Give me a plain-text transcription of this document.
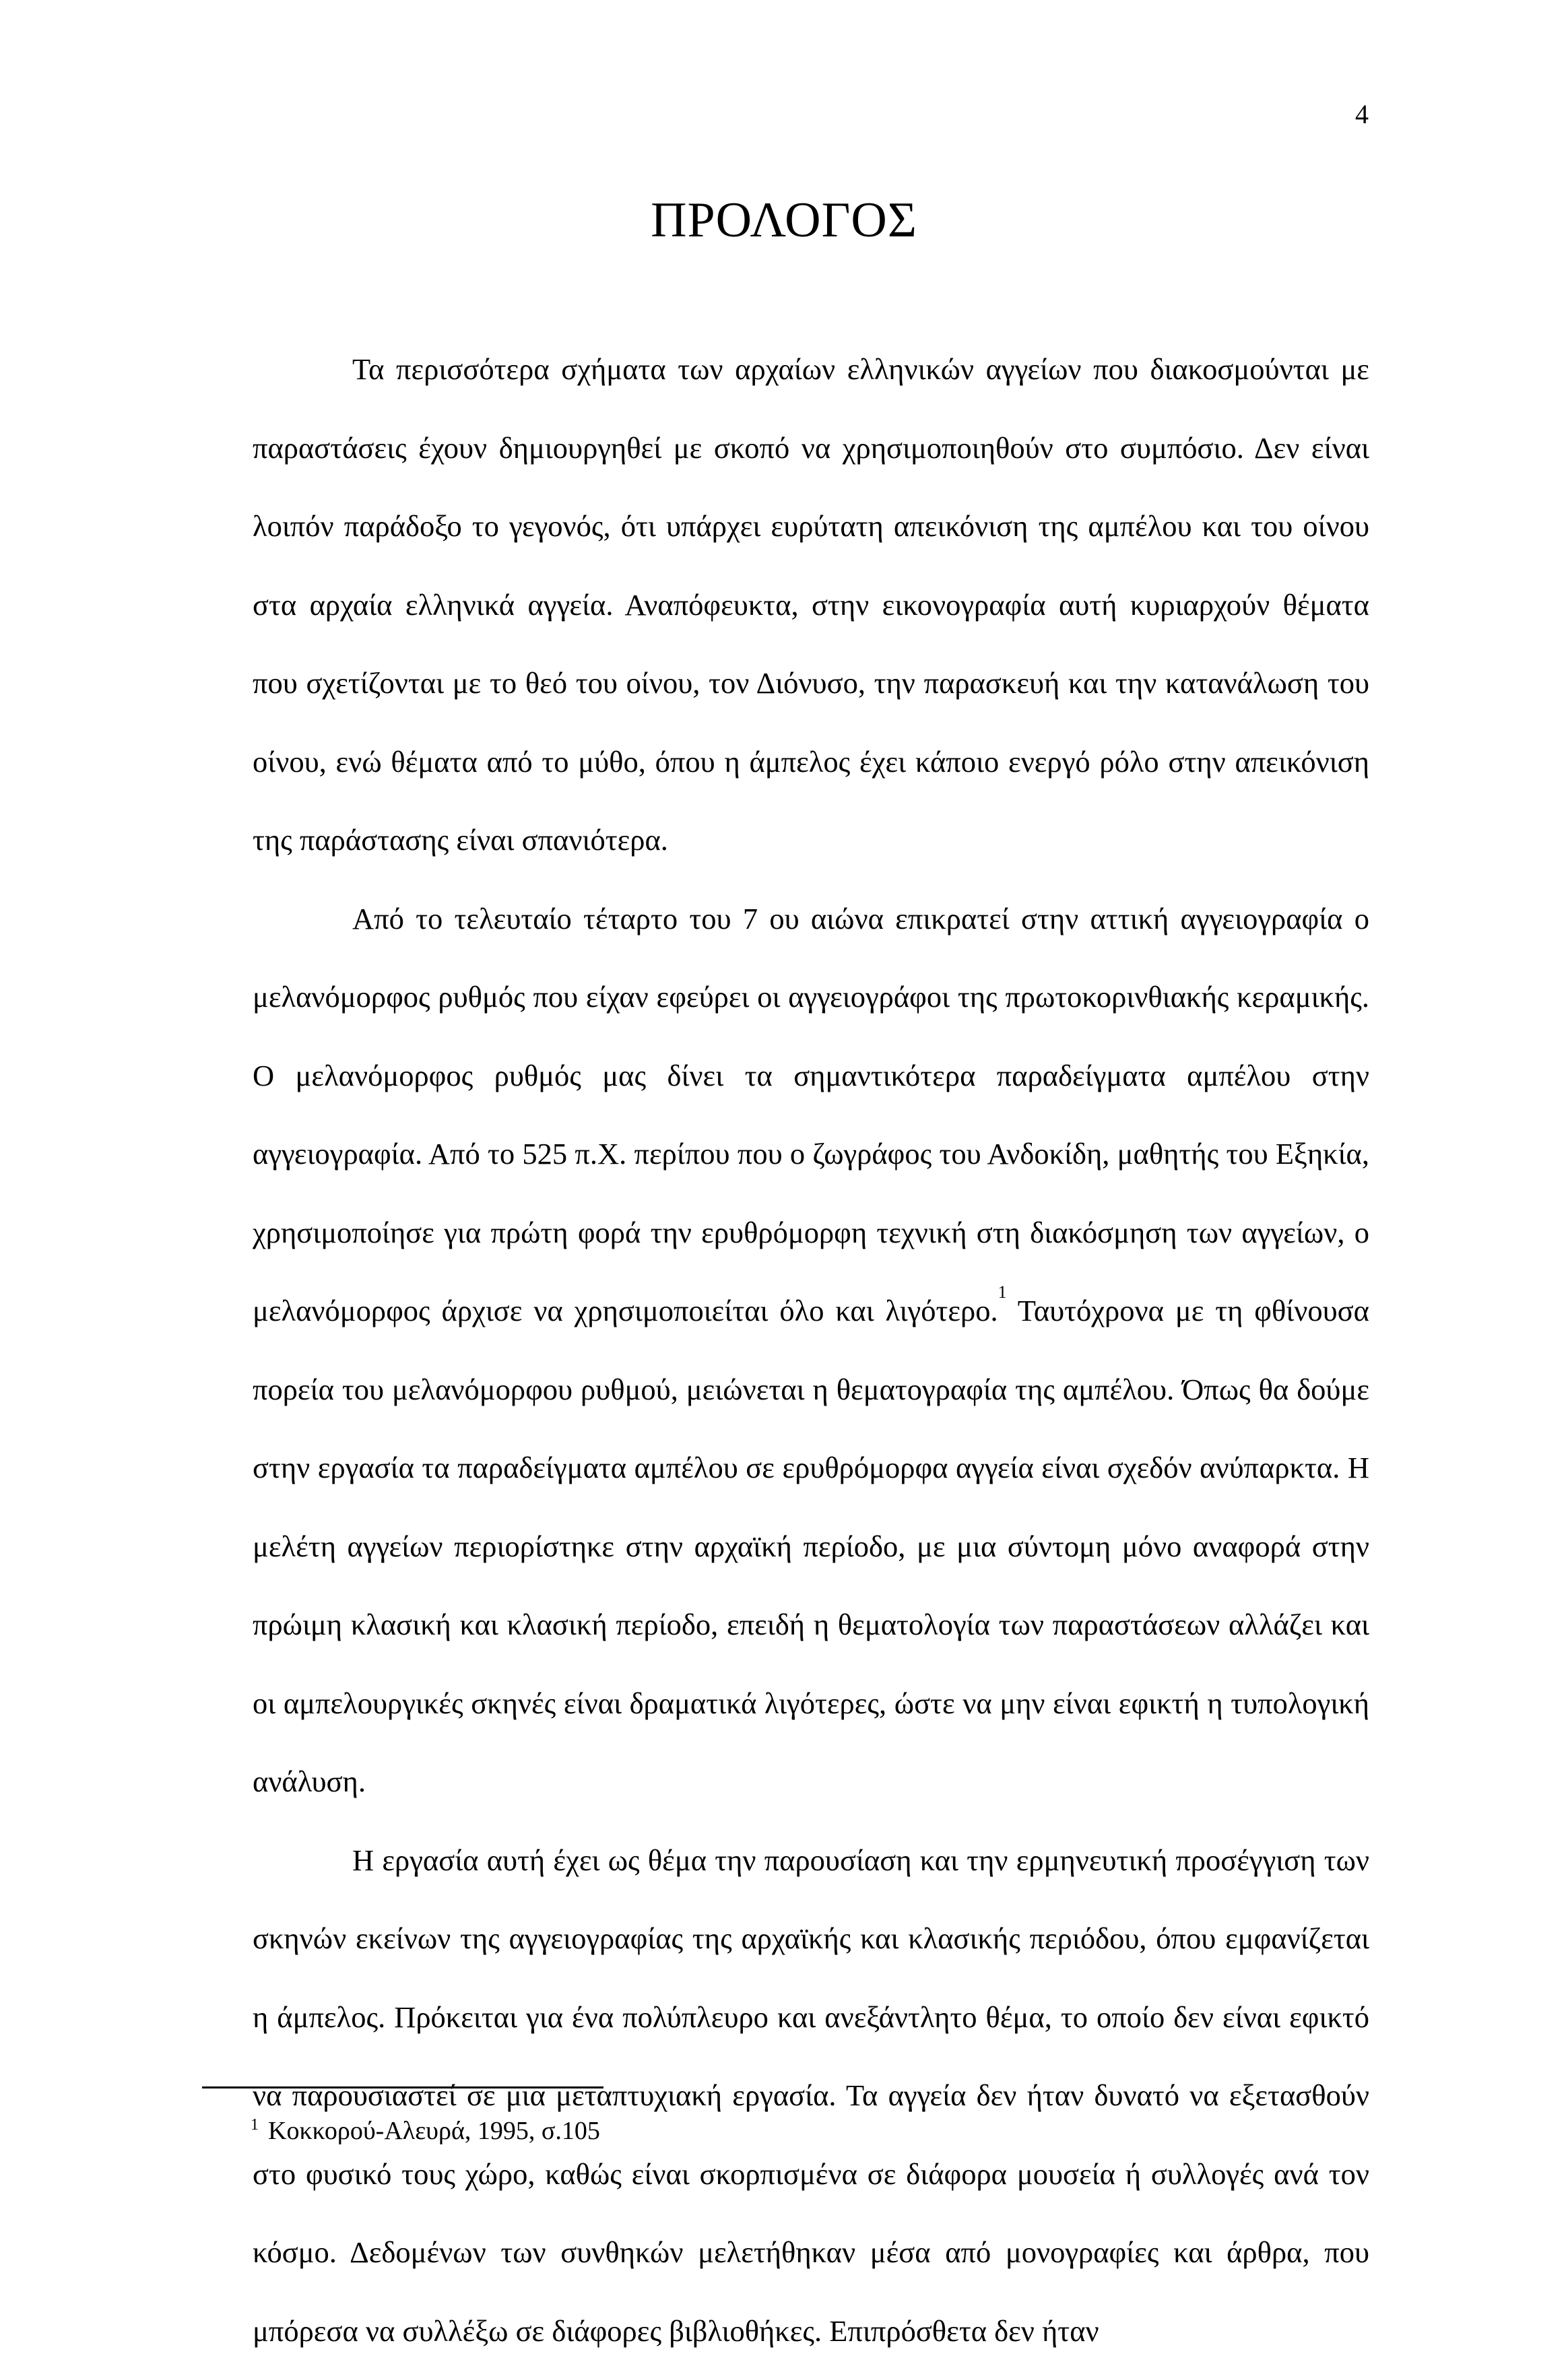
4
ΠΡΟΛΟΓΟΣ

Τα περισσότερα σχήματα των αρχαίων ελληνικών αγγείων που διακοσμούνται με παραστάσεις έχουν δημιουργηθεί με σκοπό να χρησιμοποιηθούν στο συμπόσιο. Δεν είναι λοιπόν παράδοξο το γεγονός, ότι υπάρχει ευρύτατη απεικόνιση της αμπέλου και του οίνου στα αρχαία ελληνικά αγγεία. Αναπόφευκτα, στην εικονογραφία αυτή κυριαρχούν θέματα που σχετίζονται με το θεό του οίνου, τον Διόνυσο, την παρασκευή και την κατανάλωση του οίνου, ενώ θέματα από το μύθο, όπου η άμπελος έχει κάποιο ενεργό ρόλο στην απεικόνιση της παράστασης είναι σπανιότερα.

Από το τελευταίο τέταρτο του 7 ου αιώνα επικρατεί στην αττική αγγειογραφία ο μελανόμορφος ρυθμός που είχαν εφεύρει οι αγγειογράφοι της πρωτοκορινθιακής κεραμικής. Ο μελανόμορφος ρυθμός μας δίνει τα σημαντικότερα παραδείγματα αμπέλου στην αγγειογραφία. Από το 525 π.Χ. περίπου που ο ζωγράφος του Ανδοκίδη, μαθητής του Εξηκία, χρησιμοποίησε για πρώτη φορά την ερυθρόμορφη τεχνική στη διακόσμηση των αγγείων, ο μελανόμορφος άρχισε να χρησιμοποιείται όλο και λιγότερο.$^1$ Ταυτόχρονα με τη φθίνουσα πορεία του μελανόμορφου ρυθμού, μειώνεται η θεματογραφία της αμπέλου. Όπως θα δούμε στην εργασία τα παραδείγματα αμπέλου σε ερυθρόμορφα αγγεία είναι σχεδόν ανύπαρκτα. Η μελέτη αγγείων περιορίστηκε στην αρχαϊκή περίοδο, με μια σύντομη μόνο αναφορά στην πρώιμη κλασική και κλασική περίοδο, επειδή η θεματολογία των παραστάσεων αλλάζει και οι αμπελουργικές σκηνές είναι δραματικά λιγότερες, ώστε να μην είναι εφικτή η τυπολογική ανάλυση.

Η εργασία αυτή έχει ως θέμα την παρουσίαση και την ερμηνευτική προσέγγιση των σκηνών εκείνων της αγγειογραφίας της αρχαϊκής και κλασικής περιόδου, όπου εμφανίζεται η άμπελος. Πρόκειται για ένα πολύπλευρο και ανεξάντλητο θέμα, το οποίο δεν είναι εφικτό να παρουσιαστεί σε μια μεταπτυχιακή εργασία. Τα αγγεία δεν ήταν δυνατό να εξετασθούν στο φυσικό τους χώρο, καθώς είναι σκορπισμένα σε διάφορα μουσεία ή συλλογές ανά τον κόσμο. Δεδομένων των συνθηκών μελετήθηκαν μέσα από μονογραφίες και άρθρα, που μπόρεσα να συλλέξω σε διάφορες βιβλιοθήκες. Επιπρόσθετα δεν ήταν

$^1$ Κοκκορού-Αλευρά, 1995, σ.105
